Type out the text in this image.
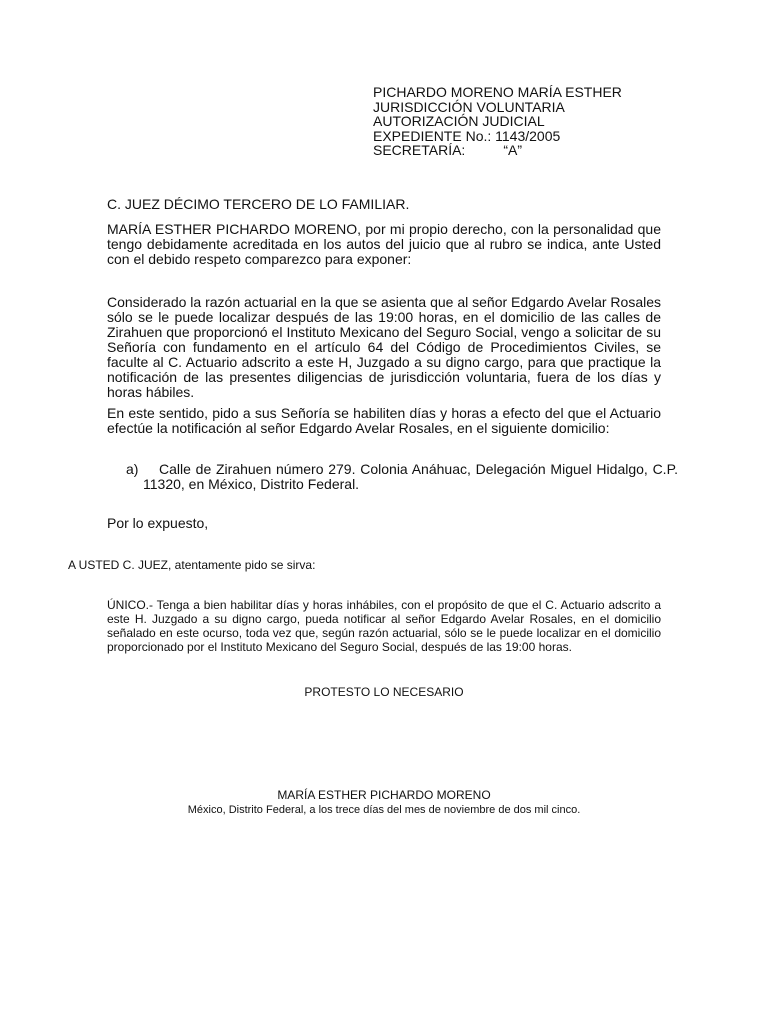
PICHARDO MORENO MARÍA ESTHER
JURISDICCIÓN VOLUNTARIA
AUTORIZACIÓN JUDICIAL
EXPEDIENTE No.: 1143/2005
SECRETARÍA:	“A”
C. JUEZ DÉCIMO TERCERO DE LO FAMILIAR.
MARÍA ESTHER PICHARDO MORENO, por mi propio derecho, con la personalidad que tengo debidamente acreditada en los autos del juicio que al rubro se indica, ante Usted con el debido respeto comparezco para exponer:
Considerado la razón actuarial en la que se asienta que al señor Edgardo Avelar Rosales sólo se le puede localizar después de las 19:00 horas, en el domicilio de las calles de Zirahuen que proporcionó el Instituto Mexicano del Seguro Social, vengo a solicitar de su Señoría con fundamento en el artículo 64 del Código de Procedimientos Civiles, se faculte al C. Actuario adscrito a este H, Juzgado a su digno cargo, para que practique la notificación de las presentes diligencias de jurisdicción voluntaria, fuera de los días y horas hábiles.
En este sentido, pido a sus Señoría se habiliten días y horas a efecto del que el Actuario efectúe la notificación al señor Edgardo Avelar Rosales, en el siguiente domicilio:
a) Calle de Zirahuen número 279. Colonia Anáhuac, Delegación Miguel Hidalgo, C.P. 11320, en México, Distrito Federal.
Por lo expuesto,
A USTED C. JUEZ, atentamente pido se sirva:
ÚNICO.- Tenga a bien habilitar días y horas inhábiles, con el propósito de que el C. Actuario adscrito a este H. Juzgado a su digno cargo, pueda notificar al señor Edgardo Avelar Rosales, en el domicilio señalado en este ocurso, toda vez que, según razón actuarial, sólo se le puede localizar en el domicilio proporcionado por el Instituto Mexicano del Seguro Social, después de las 19:00 horas.
PROTESTO LO NECESARIO
MARÍA ESTHER PICHARDO MORENO
México, Distrito Federal, a los trece días del mes de noviembre de dos mil cinco.
